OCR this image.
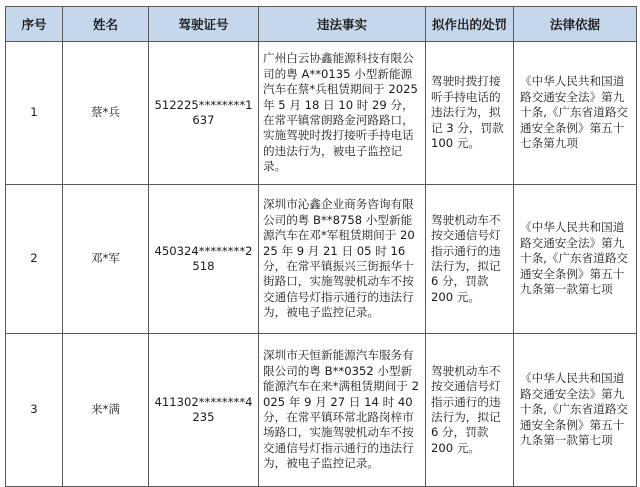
序号	姓名	驾驶证号	违法事实	拟作出的处罚	法律依据
1	蔡*兵	512225********1637	广州白云协鑫能源科技有限公司的粤 A**0135 小型新能源汽车在蔡*兵租赁期间于 2025 年 5 月 18 日 10 时 29 分，在常平镇常朗路金河路路口，实施驾驶时拨打接听手持电话的违法行为，被电子监控记录。	驾驶时拨打接听手持电话的违法行为，拟记 3 分，罚款 100 元。	《中华人民共和国道路交通安全法》第九十条,《广东省道路交通安全条例》第五十七条第九项
2	邓*军	450324********2518	深圳市沁鑫企业商务咨询有限公司的粤 B**8758 小型新能源汽车在邓*军租赁期间于 2025 年 9 月 21 日 05 时 16 分，在常平镇振兴三街振华十街路口，实施驾驶机动车不按交通信号灯指示通行的违法行为，被电子监控记录。	驾驶机动车不按交通信号灯指示通行的违法行为，拟记 6 分，罚款 200 元。	《中华人民共和国道路交通安全法》第九十条,《广东省道路交通安全条例》第五十九条第一款第七项
3	来*满	411302********4235	深圳市天恒新能源汽车服务有限公司的粤 B**0352 小型新能源汽车在来*满租赁期间于 2025 年 9 月 27 日 14 时 40 分，在常平镇环常北路岗梓市场路口，实施驾驶机动车不按交通信号灯指示通行的违法行为，被电子监控记录。	驾驶机动车不按交通信号灯指示通行的违法行为，拟记 6 分，罚款 200 元。	《中华人民共和国道路交通安全法》第九十条,《广东省道路交通安全条例》第五十九条第一款第七项
